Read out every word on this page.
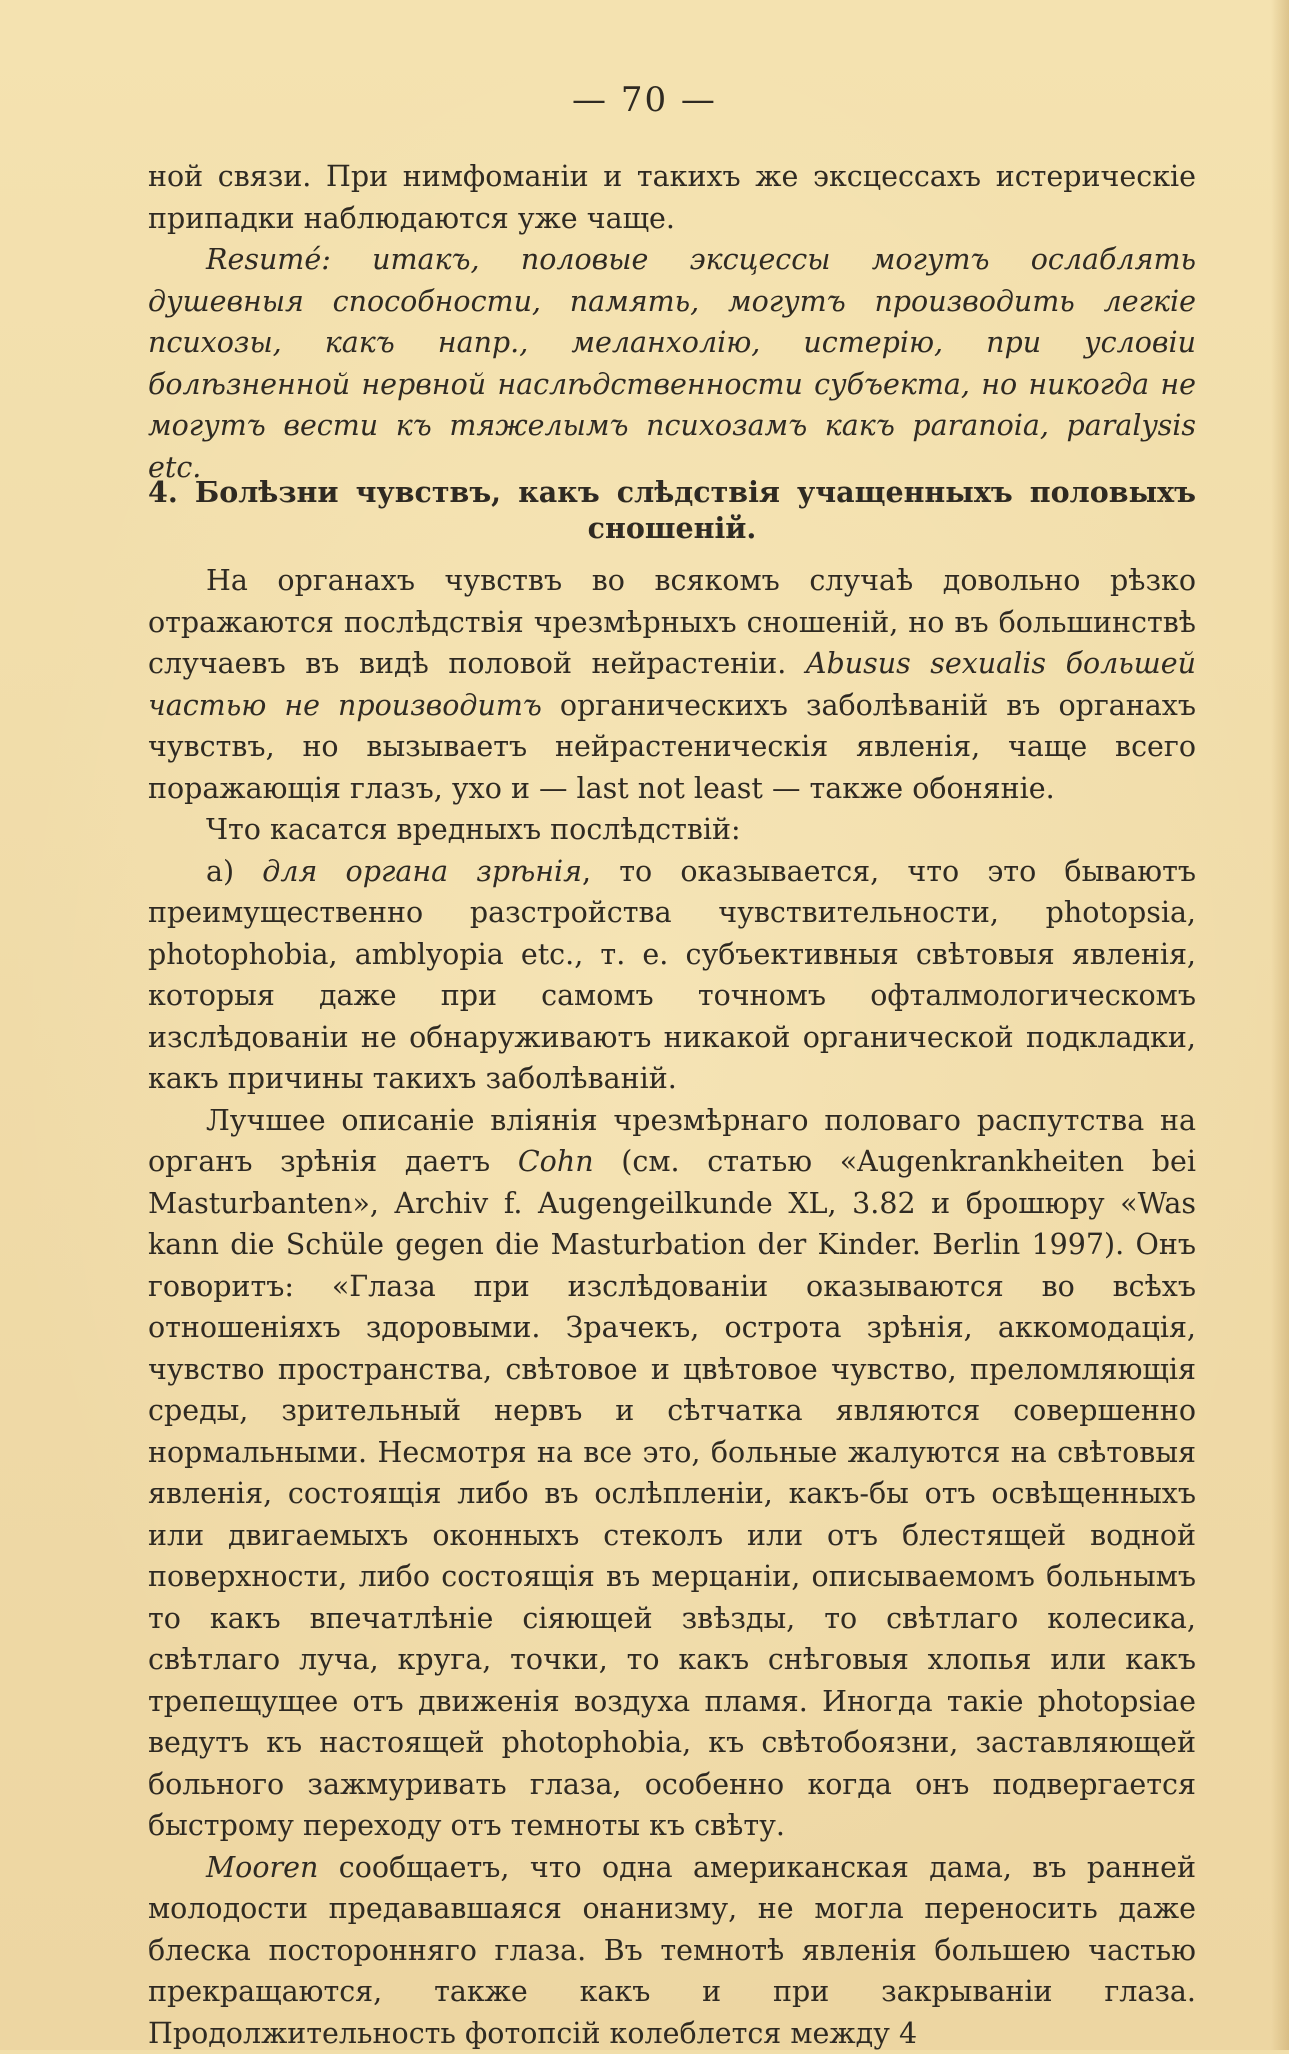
— 70 —

ной связи. При нимфоманіи и такихъ же эксцессахъ истерическіе припадки наблюдаются уже чаще.

Resumé: итакъ, половые эксцессы могутъ ослаблять душевныя способности, память, могутъ производить легкіе психозы, какъ напр., меланхолію, истерію, при условіи болѣзненной нервной наслѣдственности субъекта, но никогда не могутъ вести къ тяжелымъ психозамъ какъ paranoia, paralysis etc.

4. Болѣзни чувствъ, какъ слѣдствія учащенныхъ половыхъ сношеній.

На органахъ чувствъ во всякомъ случаѣ довольно рѣзко отражаются послѣдствія чрезмѣрныхъ сношеній, но въ большинствѣ случаевъ въ видѣ половой нейрастеніи. Abusus sexualis большей частью не производитъ органическихъ заболѣваній въ органахъ чувствъ, но вызываетъ нейрастеническія явленія, чаще всего поражающія глазъ, ухо и — last not least — также обоняніе.

Что касатся вредныхъ послѣдствій:

а) для органа зрѣнія, то оказывается, что это бываютъ преимущественно разстройства чувствительности, photopsia, photophobia, amblyopia etc., т. е. субъективныя свѣтовыя явленія, которыя даже при самомъ точномъ офталмологическомъ изслѣдованіи не обнаруживаютъ никакой органической подкладки, какъ причины такихъ заболѣваній.

Лучшее описаніе вліянія чрезмѣрнаго половаго распутства на органъ зрѣнія даетъ Cohn (см. статью «Augenkrankheiten bei Masturbanten», Archiv f. Augengeilkunde XL, 3.82 и брошюру «Was kann die Schüle gegen die Masturbation der Kinder. Berlin 1997). Онъ говоритъ: «Глаза при изслѣдованіи оказываются во всѣхъ отношеніяхъ здоровыми. Зрачекъ, острота зрѣнія, аккомодація, чувство пространства, свѣтовое и цвѣтовое чувство, преломляющія среды, зрительный нервъ и сѣтчатка являются совершенно нормальными. Несмотря на все это, больные жалуются на свѣтовыя явленія, состоящія либо въ ослѣпленіи, какъ-бы отъ освѣщенныхъ или двигаемыхъ оконныхъ стеколъ или отъ блестящей водной поверхности, либо состоящія въ мерцаніи, описываемомъ больнымъ то какъ впечатлѣніе сіяющей звѣзды, то свѣтлаго колесика, свѣтлаго луча, круга, точки, то какъ снѣговыя хлопья или какъ трепещущее отъ движенія воздуха пламя. Иногда такіе photopsiae ведутъ къ настоящей photophobia, къ свѣтобоязни, заставляющей больного зажмуривать глаза, особенно когда онъ подвергается быстрому переходу отъ темноты къ свѣту.

Mooren сообщаетъ, что одна американская дама, въ ранней молодости предававшаяся онанизму, не могла переносить даже блеска посторонняго глаза. Въ темнотѣ явленія большею частью прекращаются, также какъ и при закрываніи глаза. Продолжительность фотопсій колеблется между 4
